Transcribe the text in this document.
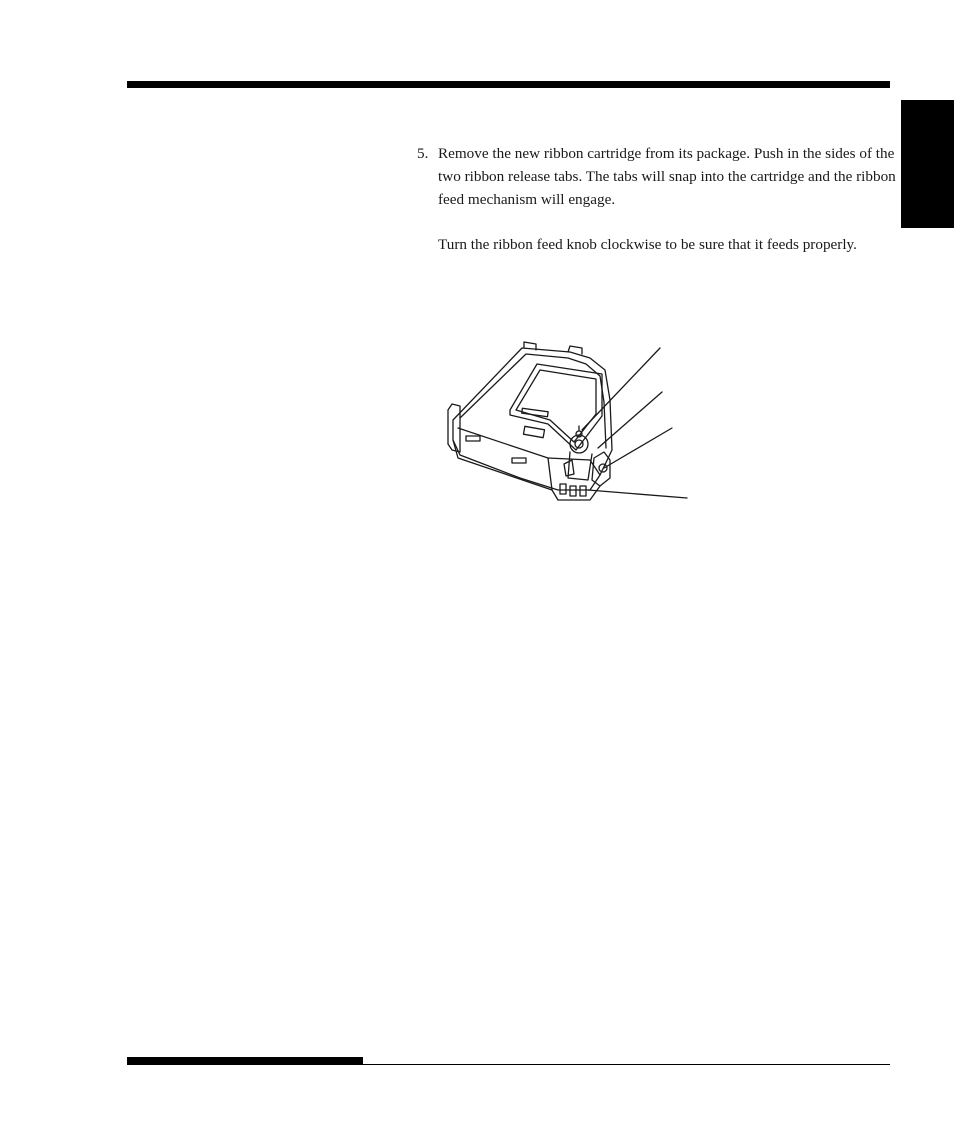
5. Remove the new ribbon cartridge from its package. Push in the sides of the two ribbon release tabs. The tabs will snap into the cartridge and the ribbon feed mechanism will engage.

Turn the ribbon feed knob clockwise to be sure that it feeds properly.
